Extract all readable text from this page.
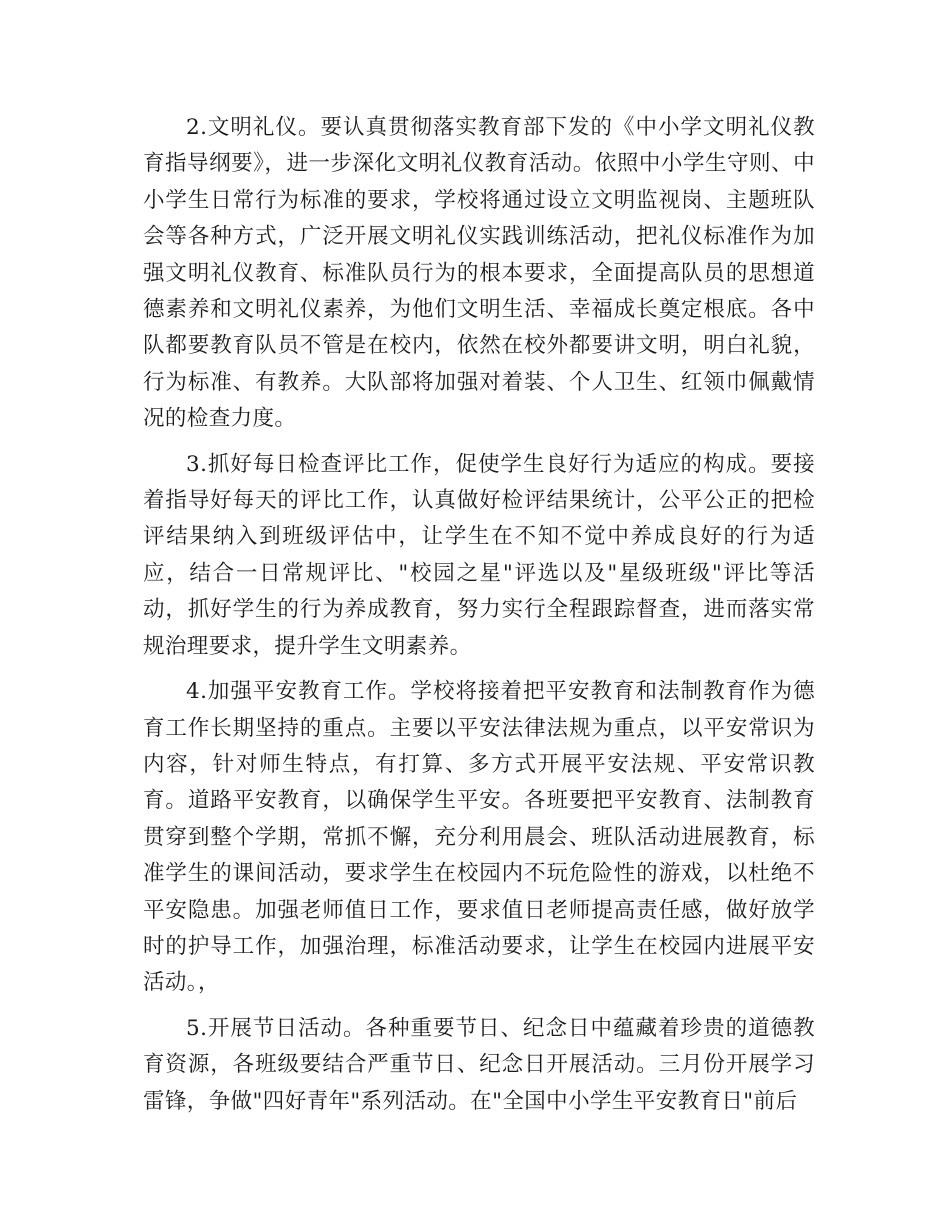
2.文明礼仪。要认真贯彻落实教育部下发的《中小学文明礼仪教育指导纲要》，进一步深化文明礼仪教育活动。依照中小学生守则、中小学生日常行为标准的要求，学校将通过设立文明监视岗、主题班队会等各种方式，广泛开展文明礼仪实践训练活动，把礼仪标准作为加强文明礼仪教育、标准队员行为的根本要求，全面提高队员的思想道德素养和文明礼仪素养，为他们文明生活、幸福成长奠定根底。各中队都要教育队员不管是在校内，依然在校外都要讲文明，明白礼貌，行为标准、有教养。大队部将加强对着装、个人卫生、红领巾佩戴情况的检查力度。

3.抓好每日检查评比工作，促使学生良好行为适应的构成。要接着指导好每天的评比工作，认真做好检评结果统计，公平公正的把检评结果纳入到班级评估中，让学生在不知不觉中养成良好的行为适应，结合一日常规评比、"校园之星"评选以及"星级班级"评比等活动，抓好学生的行为养成教育，努力实行全程跟踪督查，进而落实常规治理要求，提升学生文明素养。

4.加强平安教育工作。学校将接着把平安教育和法制教育作为德育工作长期坚持的重点。主要以平安法律法规为重点，以平安常识为内容，针对师生特点，有打算、多方式开展平安法规、平安常识教育。道路平安教育，以确保学生平安。各班要把平安教育、法制教育贯穿到整个学期，常抓不懈，充分利用晨会、班队活动进展教育，标准学生的课间活动，要求学生在校园内不玩危险性的游戏，以杜绝不平安隐患。加强老师值日工作，要求值日老师提高责任感，做好放学时的护导工作，加强治理，标准活动要求，让学生在校园内进展平安活动。，

5.开展节日活动。各种重要节日、纪念日中蕴藏着珍贵的道德教育资源，各班级要结合严重节日、纪念日开展活动。三月份开展学习雷锋，争做"四好青年"系列活动。在"全国中小学生平安教育日"前后
